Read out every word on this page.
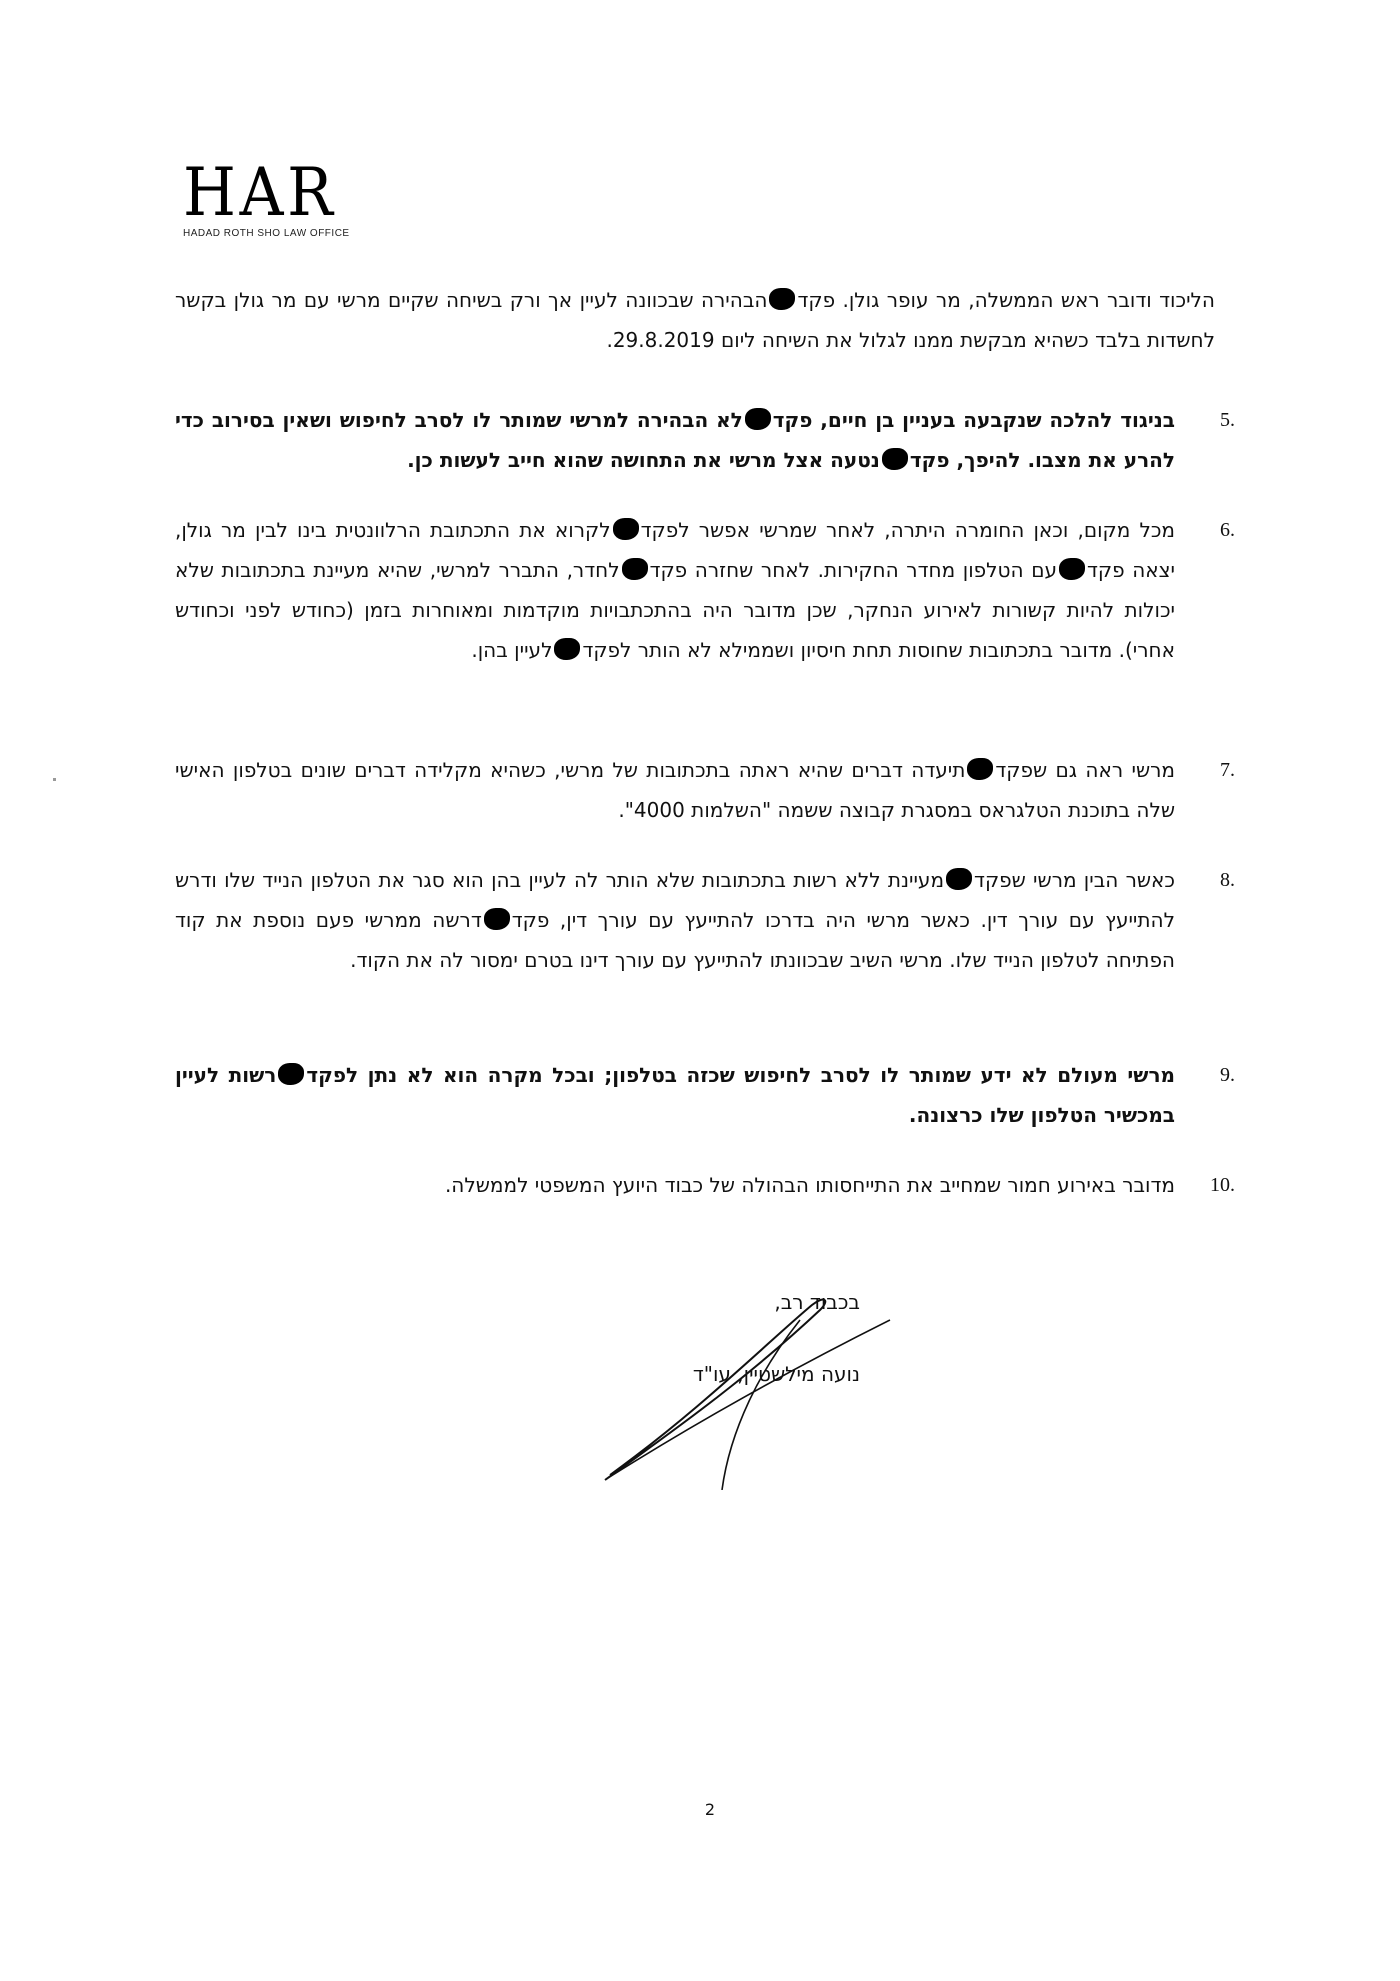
HAR
HADAD ROTH SHO LAW OFFICE
הליכוד ודובר ראש הממשלה, מר עופר גולן. פקדהבהירה שבכוונה לעיין אך ורק בשיחה שקיים מרשי עם מר גולן בקשר לחשדות בלבד כשהיא מבקשת ממנו לגלול את השיחה ליום 29.8.2019.
5.
בניגוד להלכה שנקבעה בעניין בן חיים, פקדלא הבהירה למרשי שמותר לו לסרב לחיפוש ושאין בסירוב כדי להרע את מצבו. להיפך, פקדנטעה אצל מרשי את התחושה שהוא חייב לעשות כן.
6.
מכל מקום, וכאן החומרה היתרה, לאחר שמרשי אפשר לפקדלקרוא את התכתובת הרלוונטית בינו לבין מר גולן, יצאה פקדעם הטלפון מחדר החקירות. לאחר שחזרה פקדלחדר, התברר למרשי, שהיא מעיינת בתכתובות שלא יכולות להיות קשורות לאירוע הנחקר, שכן מדובר היה בהתכתבויות מוקדמות ומאוחרות בזמן (כחודש לפני וכחודש אחרי). מדובר בתכתובות שחוסות תחת חיסיון ושממילא לא הותר לפקדלעיין בהן.
7.
מרשי ראה גם שפקדתיעדה דברים שהיא ראתה בתכתובות של מרשי, כשהיא מקלידה דברים שונים בטלפון האישי שלה בתוכנת הטלגראס במסגרת קבוצה ששמה "השלמות 4000".
8.
כאשר הבין מרשי שפקדמעיינת ללא רשות בתכתובות שלא הותר לה לעיין בהן הוא סגר את הטלפון הנייד שלו ודרש להתייעץ עם עורך דין. כאשר מרשי היה בדרכו להתייעץ עם עורך דין, פקדדרשה ממרשי פעם נוספת את קוד הפתיחה לטלפון הנייד שלו. מרשי השיב שבכוונתו להתייעץ עם עורך דינו בטרם ימסור לה את הקוד.
9.
מרשי מעולם לא ידע שמותר לו לסרב לחיפוש שכזה בטלפון; ובכל מקרה הוא לא נתן לפקדרשות לעיין במכשיר הטלפון שלו כרצונה.
10.
מדובר באירוע חמור שמחייב את התייחסותו הבהולה של כבוד היועץ המשפטי לממשלה.
בכבוד רב,
נועה מילשטיין, עו"ד
2
